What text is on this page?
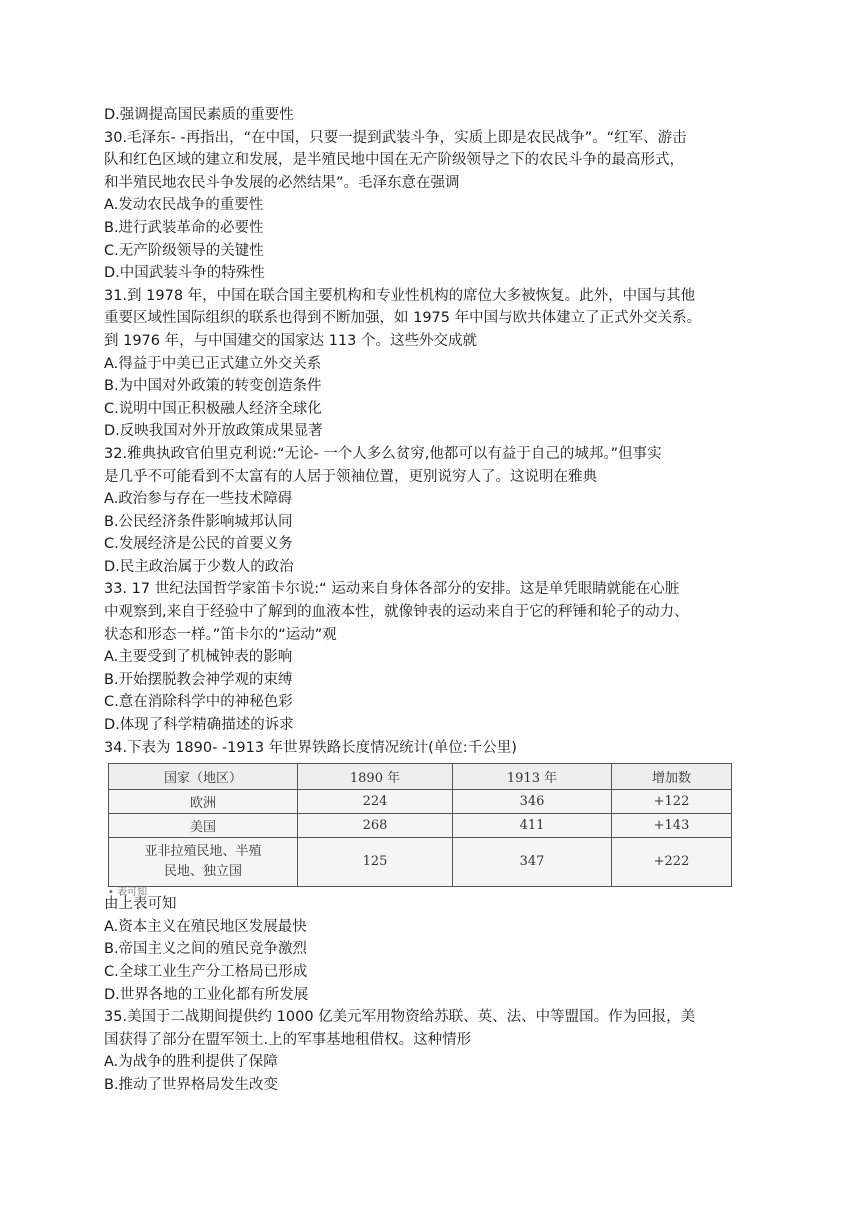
D.强调提高国民素质的重要性
30.毛泽东- -再指出，“在中国，只要一提到武装斗争，实质上即是农民战争”。“红军、游击
队和红色区域的建立和发展，是半殖民地中国在无产阶级领导之下的农民斗争的最高形式，
和半殖民地农民斗争发展的必然结果”。毛泽东意在强调
A.发动农民战争的重要性
B.进行武装革命的必要性
C.无产阶级领导的关键性
D.中国武装斗争的特殊性
31.到 1978 年，中国在联合国主要机构和专业性机构的席位大多被恢复。此外，中国与其他
重要区域性国际组织的联系也得到不断加强，如 1975 年中国与欧共体建立了正式外交关系。
到 1976 年，与中国建交的国家达 113 个。这些外交成就
A.得益于中美已正式建立外交关系
B.为中国对外政策的转变创造条件
C.说明中国正积极融人经济全球化
D.反映我国对外开放政策成果显著
32.雅典执政官伯里克利说:“无论- 一个人多么贫穷,他都可以有益于自己的城邦。”但事实
是几乎不可能看到不太富有的人居于领袖位置，更别说穷人了。这说明在雅典
A.政治参与存在一些技术障碍
B.公民经济条件影响城邦认同
C.发展经济是公民的首要义务
D.民主政治属于少数人的政治
33. 17 世纪法国哲学家笛卡尔说:“ 运动来自身体各部分的安排。这是单凭眼睛就能在心脏
中观察到,来自于经验中了解到的血液本性，就像钟表的运动来自于它的秤锤和轮子的动力、
状态和形态一样。”笛卡尔的“运动”观
A.主要受到了机械钟表的影响
B.开始摆脱教会神学观的束缚
C.意在消除科学中的神秘色彩
D.体现了科学精确描述的诉求
34.下表为 1890- -1913 年世界铁路长度情况统计(单位:千公里)
国家（地区）	1890 年	1913 年	增加数
欧洲	224	346	+122
美国	268	411	+143

亚非拉殖民地、半殖
民地、独立国	125	347	+222
• 表可知
由上表可知
A.资本主义在殖民地区发展最快
B.帝国主义之间的殖民竞争激烈
C.全球工业生产分工格局已形成
D.世界各地的工业化都有所发展
35.美国于二战期间提供约 1000 亿美元军用物资给苏联、英、法、中等盟国。作为回报，美
国获得了部分在盟军领土.上的军事基地租借权。这种情形
A.为战争的胜利提供了保障
B.推动了世界格局发生改变
